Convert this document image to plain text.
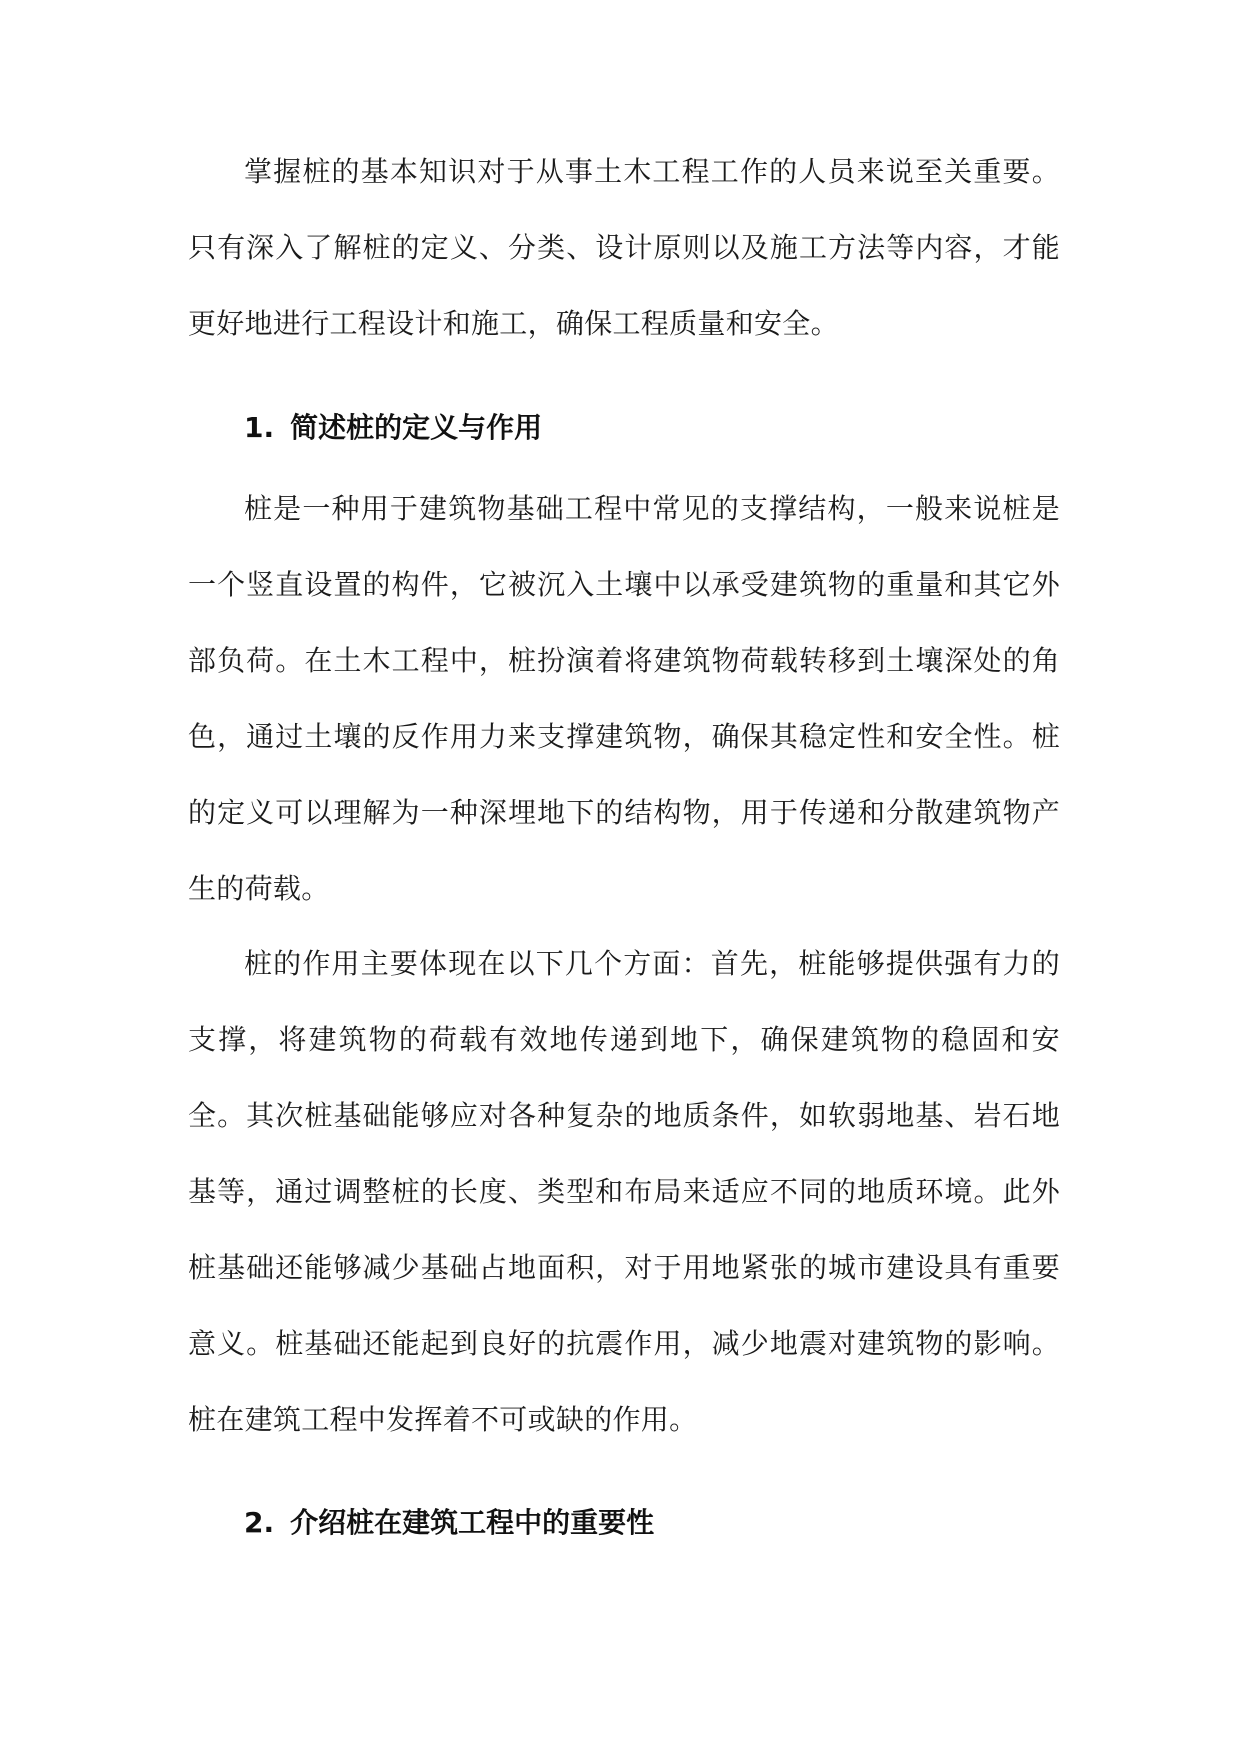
掌握桩的基本知识对于从事土木工程工作的人员来说至关重要。只有深入了解桩的定义、分类、设计原则以及施工方法等内容，才能更好地进行工程设计和施工，确保工程质量和安全。

1. 简述桩的定义与作用

桩是一种用于建筑物基础工程中常见的支撑结构，一般来说桩是一个竖直设置的构件，它被沉入土壤中以承受建筑物的重量和其它外部负荷。在土木工程中，桩扮演着将建筑物荷载转移到土壤深处的角色，通过土壤的反作用力来支撑建筑物，确保其稳定性和安全性。桩的定义可以理解为一种深埋地下的结构物，用于传递和分散建筑物产生的荷载。

桩的作用主要体现在以下几个方面：首先，桩能够提供强有力的支撑，将建筑物的荷载有效地传递到地下，确保建筑物的稳固和安全。其次桩基础能够应对各种复杂的地质条件，如软弱地基、岩石地基等，通过调整桩的长度、类型和布局来适应不同的地质环境。此外桩基础还能够减少基础占地面积，对于用地紧张的城市建设具有重要意义。桩基础还能起到良好的抗震作用，减少地震对建筑物的影响。桩在建筑工程中发挥着不可或缺的作用。

2. 介绍桩在建筑工程中的重要性
